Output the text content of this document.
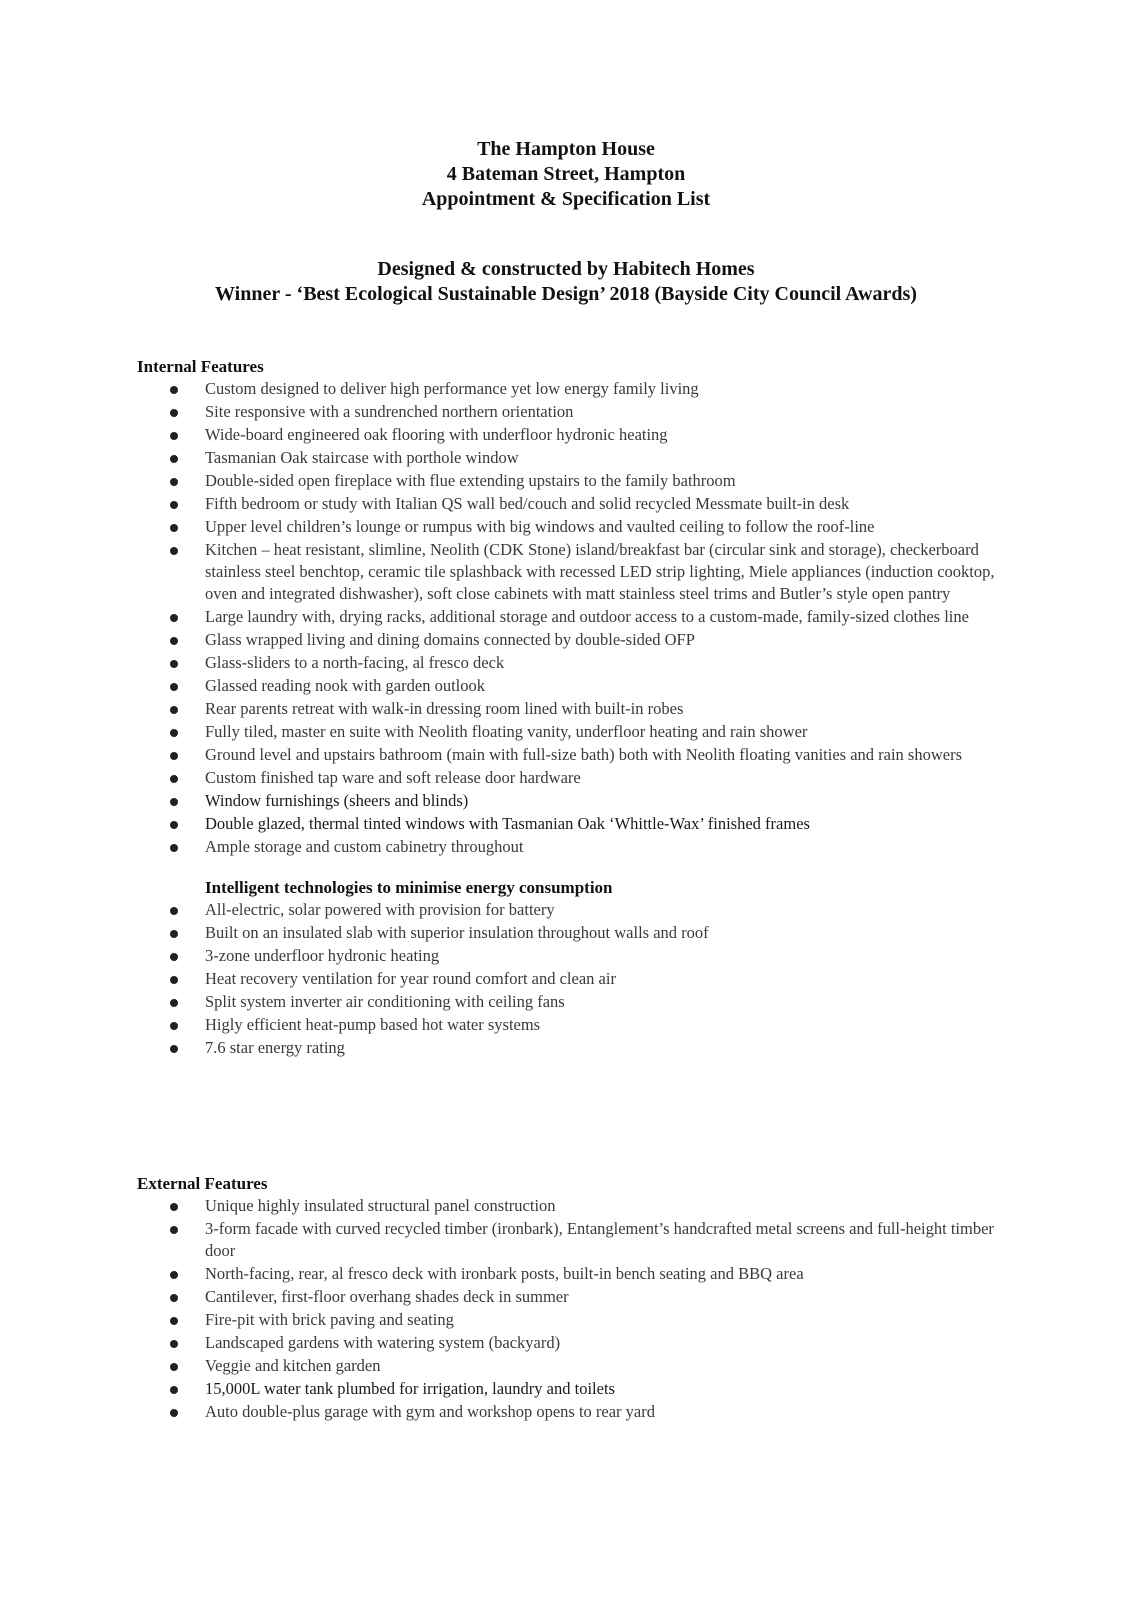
The Hampton House
4 Bateman Street, Hampton
Appointment & Specification List
Designed & constructed by Habitech Homes
Winner - ‘Best Ecological Sustainable Design’ 2018 (Bayside City Council Awards)
Internal Features
Custom designed to deliver high performance yet low energy family living
Site responsive with a sundrenched northern orientation
Wide-board engineered oak flooring with underfloor hydronic heating
Tasmanian Oak staircase with porthole window
Double-sided open fireplace with flue extending upstairs to the family bathroom
Fifth bedroom or study with Italian QS wall bed/couch and solid recycled Messmate built-in desk
Upper level children’s lounge or rumpus with big windows and vaulted ceiling to follow the roof-line
Kitchen – heat resistant, slimline, Neolith (CDK Stone) island/breakfast bar (circular sink and storage), checkerboard stainless steel benchtop, ceramic tile splashback with recessed LED strip lighting, Miele appliances (induction cooktop, oven and integrated dishwasher), soft close cabinets with matt stainless steel trims and Butler’s style open pantry
Large laundry with, drying racks, additional storage and outdoor access to a custom-made, family-sized clothes line
Glass wrapped living and dining domains connected by double-sided OFP
Glass-sliders to a north-facing, al fresco deck
Glassed reading nook with garden outlook
Rear parents retreat with walk-in dressing room lined with built-in robes
Fully tiled, master en suite with Neolith floating vanity, underfloor heating and rain shower
Ground level and upstairs bathroom (main with full-size bath) both with Neolith floating vanities and rain showers
Custom finished tap ware and soft release door hardware
Window furnishings (sheers and blinds)
Double glazed, thermal tinted windows with Tasmanian Oak ‘Whittle-Wax’ finished frames
Ample storage and custom cabinetry throughout
Intelligent technologies to minimise energy consumption
All-electric, solar powered with provision for battery
Built on an insulated slab with superior insulation throughout walls and roof
3-zone underfloor hydronic heating
Heat recovery ventilation for year round comfort and clean air
Split system inverter air conditioning with ceiling fans
Higly efficient heat-pump based hot water systems
7.6 star energy rating
External Features
Unique highly insulated structural panel construction
3-form facade with curved recycled timber (ironbark), Entanglement’s handcrafted metal screens and full-height timber door
North-facing, rear, al fresco deck with ironbark posts, built-in bench seating and BBQ area
Cantilever, first-floor overhang shades deck in summer
Fire-pit with brick paving and seating
Landscaped gardens with watering system (backyard)
Veggie and kitchen garden
15,000L water tank plumbed for irrigation, laundry and toilets
Auto double-plus garage with gym and workshop opens to rear yard
